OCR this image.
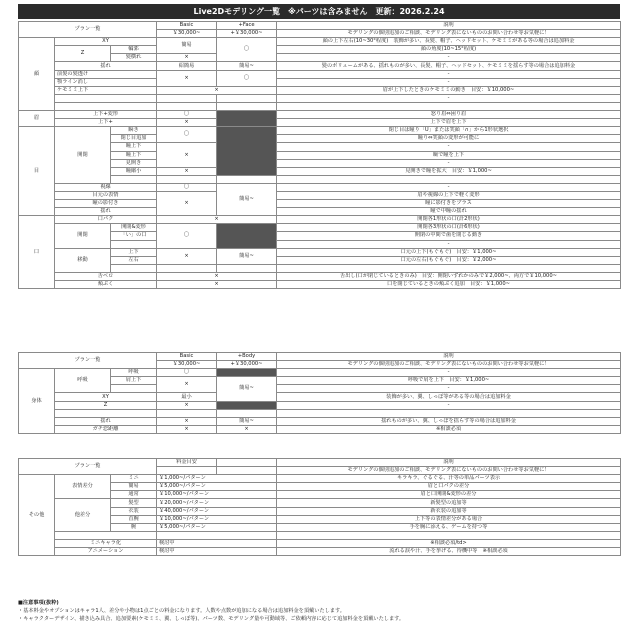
Live2Dモデリング一覧　※パーツは含みません　更新：2026.2.24
プラン一覧			Basic	+Face	説明
			￥30,000~	+￥30,000~	モデリングの個別追加のご相談、モデリング表にないもののお問い合わせ等お気軽に！
顔	XY		簡易	〇	顔の上下左右(10~30°程度)　装飾が多い、長髪、帽子、ヘッドセット、ケモミミがある等の場合は追加料金
	Z	輪郭			顔の角度(10~15°程度)
		髪横れ	×		-
	揺れ		紹簡易	簡易~	髪のボリュームがある、揺れものが多い、長髪、帽子、ヘッドセット、ケモミミを揺らす等の場合は追加料金
	前髪の髪透け		×	〇	-
	顎ライン消し				-
	ケモミミ上下		×		眉が上下したときのケモミミの動き　目安：￥10,000~
					-

眉	上下+変形		〇		怒り眉⇔困り眉
	上下+		×		上下で眉を上下
目	開閉	瞬き	〇		閉じ目は瞳り「U」または笑顔「∩」から1形状選択
		閉じ目追加			瞳り⇔笑顔の変形が可能に
		瞳上下	×		-
		瞳上下			瞼で瞳を上下
		見開き			-
		瞳縮小	×		見開きで瞳を拡大　目安：￥1,000~

	視線		〇	簡易~	-
	目元の表情		×		眉や視線の上下で軽く変形
	瞳の影付き				瞳に影付きをプラス
	揺れ				瞳で中瞳の揺れ
口	口パク		×		開閉各1形状の口(計2形状)
	開閉	開閉&変形	〇		開閉各3形状の口(計6形状)
		「い」の口			開閉の中間で歯を閉じる動き
					-
	移動	上下	×	簡易~	口元の上下(もぐもぐ)　目安：￥1,000~
		左右			口元の左右(もぐもぐ)　目安：￥2,000~

	舌ベロ		×		舌出し(口が閉じているときのみ)　目安：開閉いずれかのみで￥2,000~、両方で￥10,000~
	頬ぷく		×		口を閉じているときの頬ぷく追加　目安：￥1,000~
プラン一覧			Basic	+Body	説明
			￥30,000~	+￥30,000~	モデリングの個別追加のご相談、モデリング表にないもののお問い合わせ等お気軽に！
身体	呼吸	呼吸	〇		-
		肩上下	×	簡易~	呼吸で肩を上下　目安：￥1,000~
					-
	XY		最小		装飾が多い、翼、しっぽ等がある等の場合は追加料金
	Z		×		-

	揺れ		×	簡易~	揺れものが多い、翼、しっぽを揺らす等の場合は追加料金
	ガチ恋距離		×	×	※相談必須
プラン一覧			料金目安		説明
					モデリングの個別追加のご相談、モデリング表にないもののお問い合わせ等お気軽に！
その他	表情差分	ミニ	￥1,000~/パターン		キラキラ、ぐるぐる、汗等の単品パーツ表示
		簡易	￥5,000~/パターン		眉と口パクの差分
		通常	￥10,000~/パターン		眉と口開閉&変形の差分
	他差分	髪型	￥20,000~/パターン		新髪型の追加等
		衣装	￥40,000~/パターン		新衣装の追加等
		首腕	￥10,000~/パターン		上下等の表情差分がある場合
		腕	￥5,000~/パターン		手を胸に添える、ゲームを持つ等

	ミニキャラ化		検討中		※相談必須/td>
	アニメーション		検討中		流れる涙や汗、手を挙げる、待機中等　※相談必須
■注意事項(抜粋)
・基本料金やオプションはキャラ1人、差分や小物は1点ごとの料金になります。人数や点数が追加になる場合は追加料金を頂戴いたします。
・キャラクターデザイン、描き込み具合、追加要素(ケモミミ、翼、しっぽ等)、パーツ数、モデリング量や可動域等、ご依頼内容に応じて追加料金を頂戴いたします。
